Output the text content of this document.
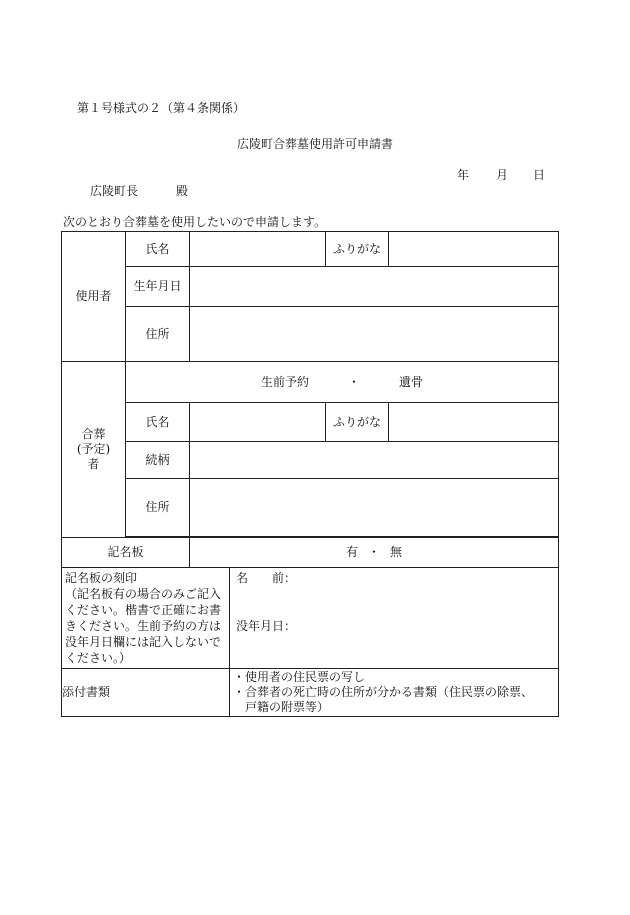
第１号様式の２（第４条関係）
広陵町合葬墓使用許可申請書
年 月 日
広陵町長	殿
次のとおり合葬墓を使用したいので申請します。
使用者	氏名			ふりがな	
	生年月日				
	住所				

合葬
(予定)
者	生前予約 ・ 遺骨				
	氏名			ふりがな	
	続柄				
	住所				

記名板		有 ・ 無			

記名板の刻印
（記名板有の場合のみご記入ください。楷書で正確にお書きください。生前予約の方は没年月日欄には記入しないでください。）			名　　前：
没年月日：		

添付書類			・使用者の住民票の写し
・合葬者の死亡時の住所が分かる書類（住民票の除票、
　戸籍の附票等）		
